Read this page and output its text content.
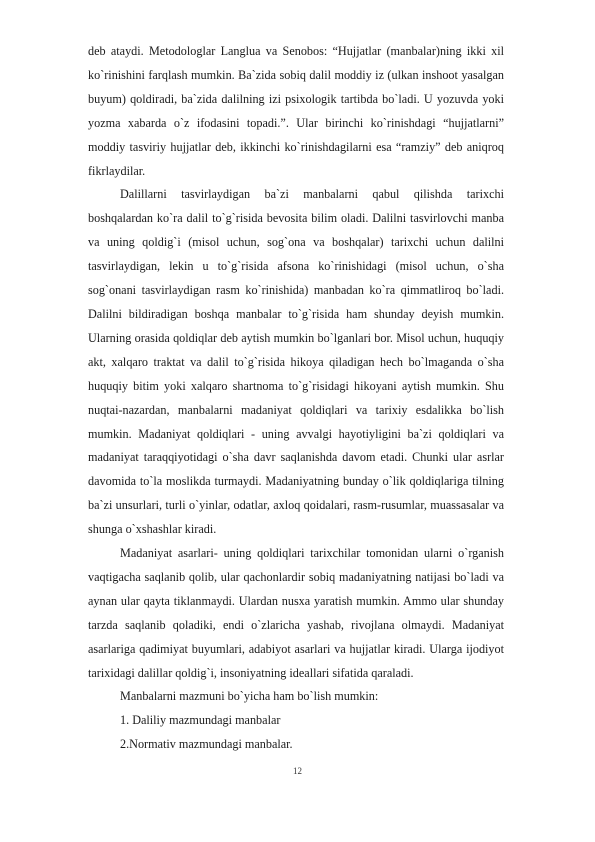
deb ataydi. Metodologlar Langlua va Senobos: “Hujjatlar (manbalar)ning ikki xil ko`rinishini farqlash mumkin. Ba`zida sobiq dalil moddiy iz (ulkan inshoot yasalgan buyum) qoldiradi, ba`zida dalilning izi psixologik tartibda bo`ladi. U yozuvda yoki yozma xabarda o`z ifodasini topadi.”. Ular birinchi ko`rinishdagi “hujjatlarni” moddiy tasviriy hujjatlar deb, ikkinchi ko`rinishdagilarni esa “ramziy” deb aniqroq fikrlaydilar.

Dalillarni tasvirlaydigan ba`zi manbalarni qabul qilishda tarixchi boshqalardan ko`ra dalil to`g`risida bevosita bilim oladi. Dalilni tasvirlovchi manba va uning qoldig`i (misol uchun, sog`ona va boshqalar) tarixchi uchun dalilni tasvirlaydigan, lekin u to`g`risida afsona ko`rinishidagi (misol uchun, o`sha sog`onani tasvirlaydigan rasm ko`rinishida) manbadan ko`ra qimmatliroq bo`ladi. Dalilni bildiradigan boshqa manbalar to`g`risida ham shunday deyish mumkin. Ularning orasida qoldiqlar deb aytish mumkin bo`lganlari bor. Misol uchun, huquqiy akt, xalqaro traktat va dalil to`g`risida hikoya qiladigan hech bo`lmaganda o`sha huquqiy bitim yoki xalqaro shartnoma to`g`risidagi hikoyani aytish mumkin. Shu nuqtai-nazardan, manbalarni madaniyat qoldiqlari va tarixiy esdalikka bo`lish mumkin. Madaniyat qoldiqlari - uning avvalgi hayotiyligini ba`zi qoldiqlari va madaniyat taraqqiyotidagi o`sha davr saqlanishda davom etadi. Chunki ular asrlar davomida to`la moslikda turmaydi. Madaniyatning bunday o`lik qoldiqlariga tilning ba`zi unsurlari, turli o`yinlar, odatlar, axloq qoidalari, rasm-rusumlar, muassasalar va shunga o`xshashlar kiradi.

Madaniyat asarlari- uning qoldiqlari tarixchilar tomonidan ularni o`rganish vaqtigacha saqlanib qolib, ular qachonlardir sobiq madaniyatning natijasi bo`ladi va aynan ular qayta tiklanmaydi. Ulardan nusxa yaratish mumkin. Ammo ular shunday tarzda saqlanib qoladiki, endi o`zlaricha yashab, rivojlana olmaydi. Madaniyat asarlariga qadimiyat buyumlari, adabiyot asarlari va hujjatlar kiradi. Ularga ijodiyot tarixidagi dalillar qoldig`i, insoniyatning ideallari sifatida qaraladi.

Manbalarni mazmuni bo`yicha ham bo`lish mumkin:

1. Daliliy mazmundagi manbalar

2.Normativ mazmundagi manbalar.

12
